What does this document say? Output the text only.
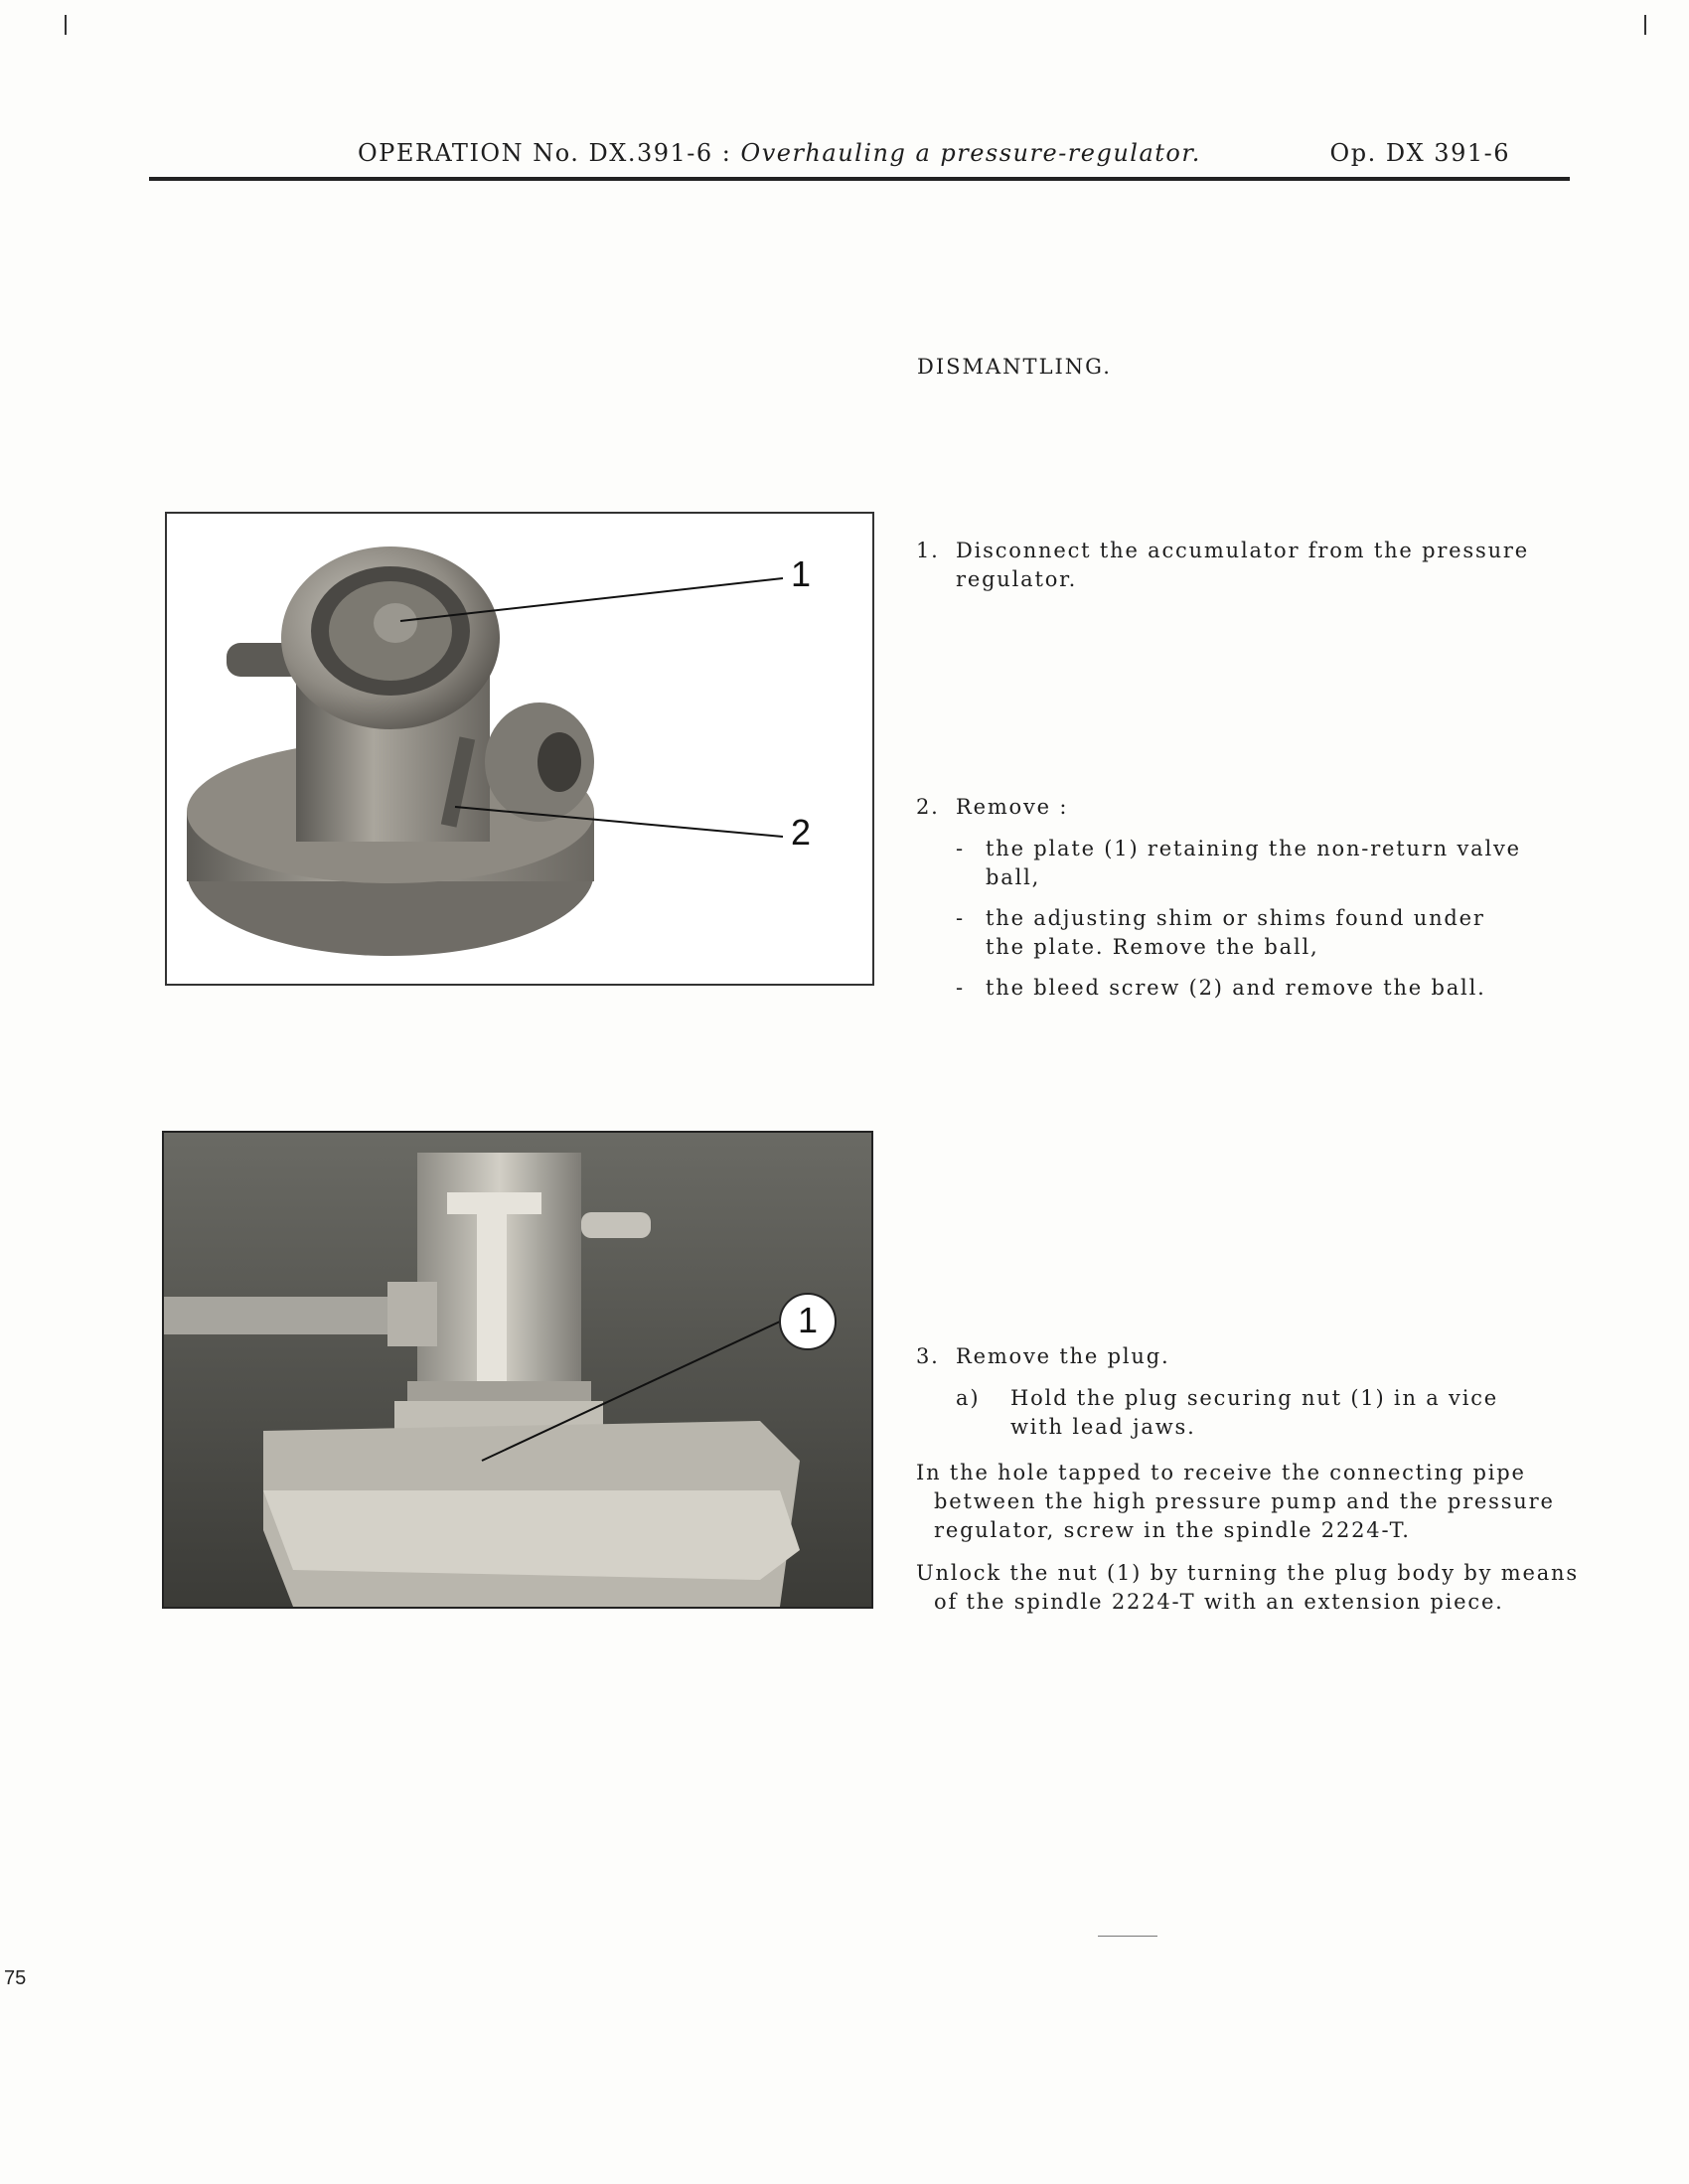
OPERATION No. DX.391-6 : Overhauling a pressure-regulator.	Op. DX 391-6
DISMANTLING.
1
2
1
1. Disconnect the accumulator from the pressure
regulator.
2. Remove :
-	the plate (1) retaining the non-return valve
ball,
-	the adjusting shim or shims found under
the plate. Remove the ball,
-	the bleed screw (2) and remove the ball.
3. Remove the plug.
a)	Hold the plug securing nut (1) in a vice
with lead jaws.
In the hole tapped to receive the connecting pipe
between the high pressure pump and the pressure
regulator, screw in the spindle 2224-T.
Unlock the nut (1) by turning the plug body by means
of the spindle 2224-T with an extension piece.
75
